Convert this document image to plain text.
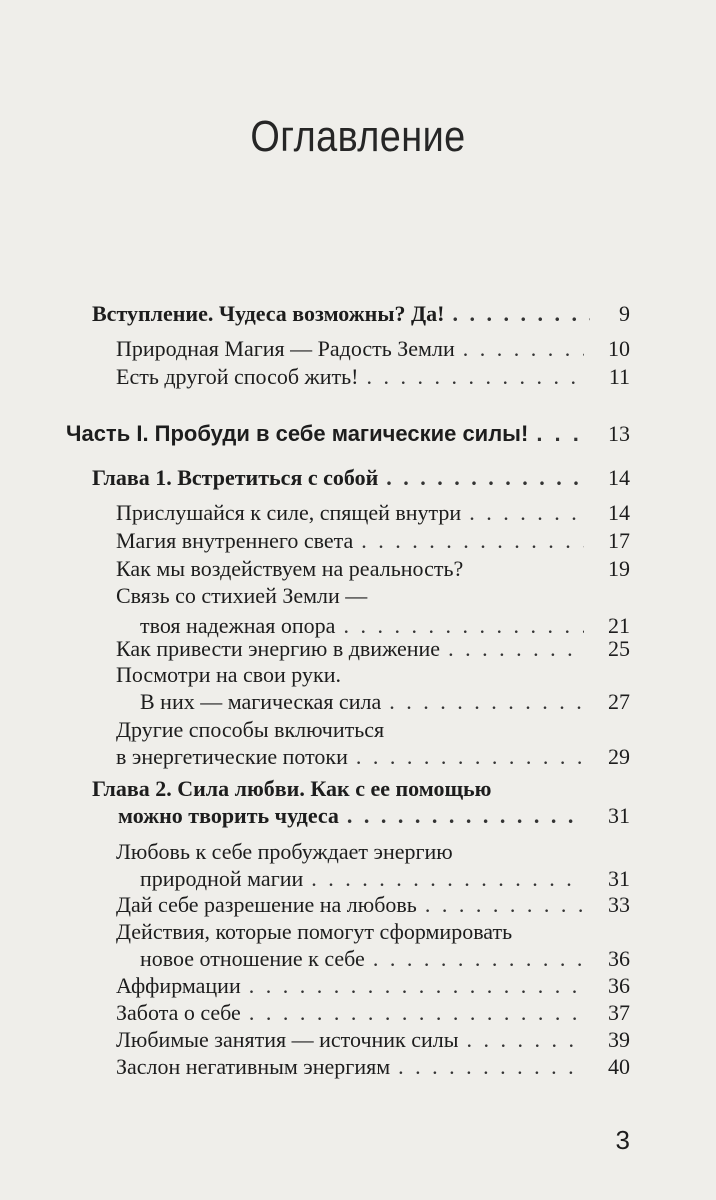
Оглавление
Вступление. Чудеса возможны? Да! . . .	9
Природная Магия — Радость Земли . . .	10
Есть другой способ жить! . . .	11
Часть I. Пробуди в себе магические силы! . . .	13
Глава 1. Встретиться с собой . . .	14
Прислушайся к силе, спящей внутри . . .	14
Магия внутреннего света . . .	17
Как мы воздействуем на реальность?	19
Связь со стихией Земли —
твоя надежная опора . . .	21
Как привести энергию в движение . . .	25
Посмотри на свои руки.
В них — магическая сила . . .	27
Другие способы включиться
в энергетические потоки . . .	29
Глава 2. Сила любви. Как с ее помощью
можно творить чудеса . . .	31
Любовь к себе пробуждает энергию
природной магии . . .	31
Дай себе разрешение на любовь . . .	33
Действия, которые помогут сформировать
новое отношение к себе . . .	36
Аффирмации . . .	36
Забота о себе . . .	37
Любимые занятия — источник силы . . .	39
Заслон негативным энергиям . . .	40
3
